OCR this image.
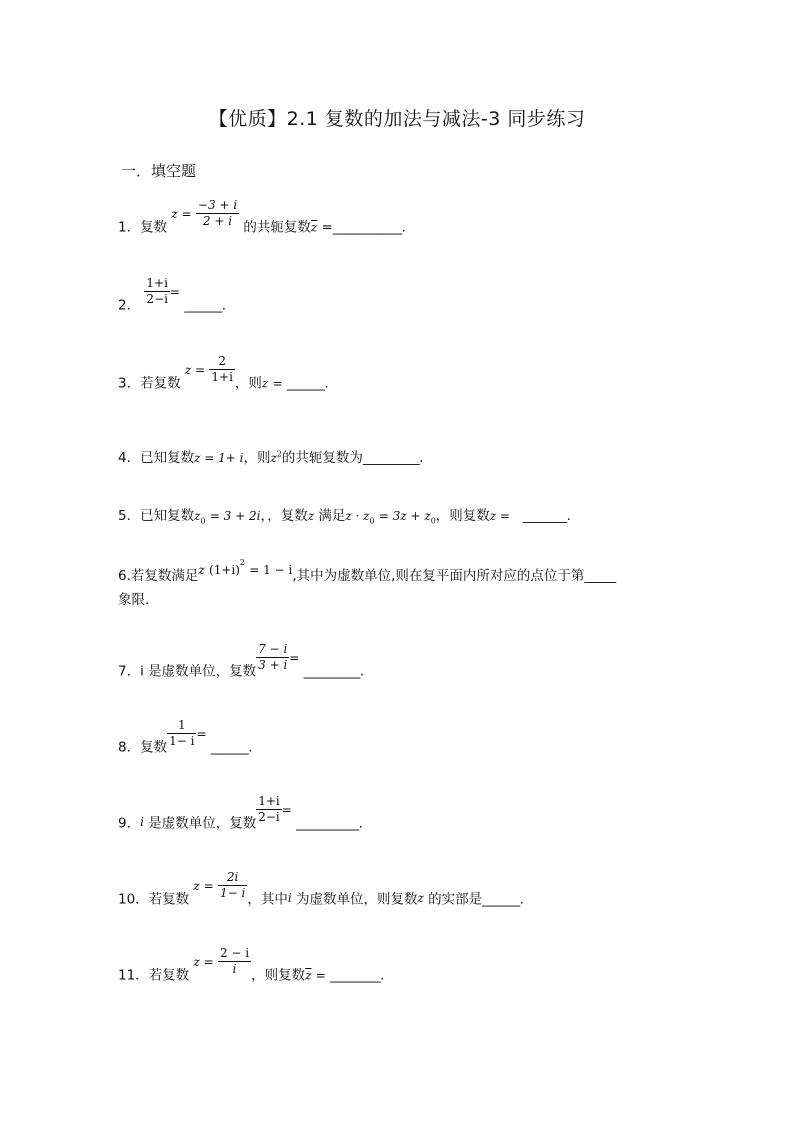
【优质】2.1 复数的加法与减法-3 同步练习
一．填空题
1．复数 $z = \frac{-3 + i}{2 + i}$ 的共轭复数$\overline{z}$ =___________.
2． $\frac{1+i}{2-i}$ = ______.
3．若复数 $z = \frac{2}{1+i}$ ，则z = ______.
4．已知复数z = 1+ i，则$z^2$的共轭复数为_________.
5．已知复数$z_0 = 3 + 2i$，，复数z 满足$z \cdot z_0 = 3z + z_0$，则复数z = _______.
6.若复数满足z $(1+i)^2 = 1 - i$,其中为虚数单位,则在复平面内所对应的点位于第_____
象限．
7．i 是虚数单位，复数 $\frac{7 - i}{3 + i}$ = _________.
8．复数 $\frac{1}{1- i}$ = ______.
9．i 是虚数单位，复数 $\frac{1+i}{2-i}$ = __________.
10．若复数 $z = \frac{2i}{1- i}$ ，其中i 为虚数单位，则复数z 的实部是______.
11．若复数 $z = \frac{2 - i}{i}$ ，则复数$\overline{z}$ = ________.
